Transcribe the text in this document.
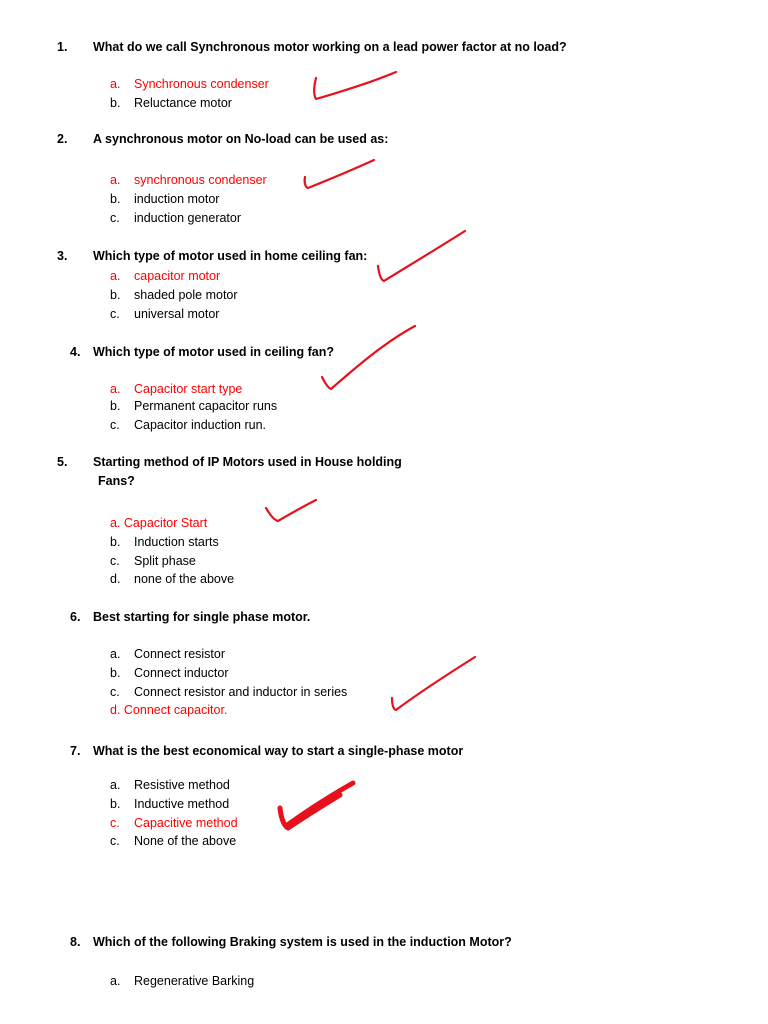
1. What do we call Synchronous motor working on a lead power factor at no load?
a. Synchronous condenser
b. Reluctance motor
2. A synchronous motor on No-load can be used as:
a. synchronous condenser
b. induction motor
c. induction generator
3. Which type of motor used in home ceiling fan:
a. capacitor motor
b. shaded pole motor
c. universal motor
4. Which type of motor used in ceiling fan?
a. Capacitor start type
b. Permanent capacitor runs
c. Capacitor induction run.
5. Starting method of IP Motors used in House holding
Fans?
a. Capacitor Start
b. Induction starts
c. Split phase
d. none of the above
6. Best starting for single phase motor.
a. Connect resistor
b. Connect inductor
c. Connect resistor and inductor in series
d. Connect capacitor.
7. What is the best economical way to start a single-phase motor
a. Resistive method
b. Inductive method
c. Capacitive method
c. None of the above
8. Which of the following Braking system is used in the induction Motor?
a. Regenerative Barking
